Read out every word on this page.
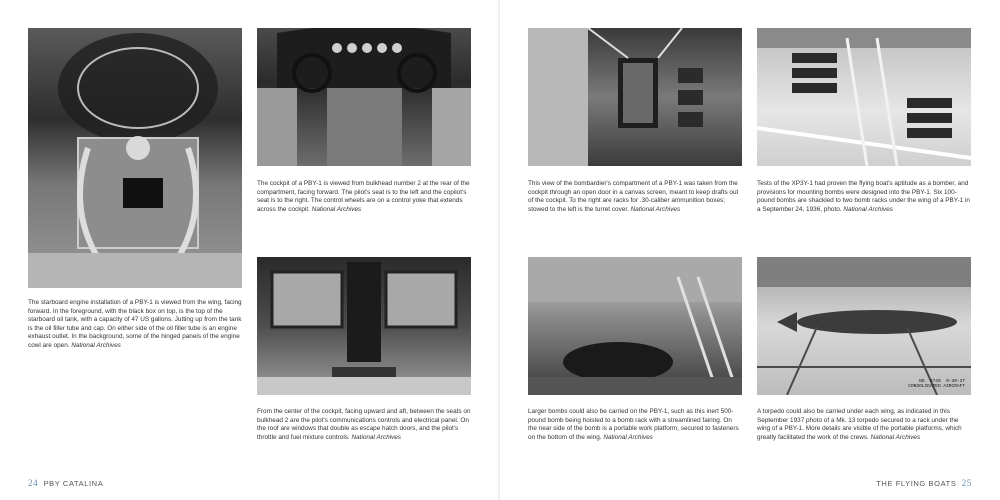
The starboard engine installation of a PBY-1 is viewed from the wing, facing forward. In the foreground, with the black box on top, is the top of the starboard oil tank, with a capacity of 47 US gallons. Jutting up from the tank is the oil filler tube and cap. On either side of the oil filler tube is an engine exhaust outlet. In the background, some of the hinged panels of the engine cowl are open. National Archives

The cockpit of a PBY-1 is viewed from bulkhead number 2 at the rear of the compartment, facing forward. The pilot's seat is to the left and the copilot's seat is to the right. The control wheels are on a control yoke that extends across the cockpit. National Archives

From the center of the cockpit, facing upward and aft, between the seats on bulkhead 2 are the pilot's communications controls and electrical panel. On the roof are windows that double as escape hatch doors, and the pilot's throttle and fuel mixture controls. National Archives

24 PBY CATALINA

This view of the bombardier's compartment of a PBY-1 was taken from the cockpit through an open door in a canvas screen, meant to keep drafts out of the cockpit. To the right are racks for .30-caliber ammunition boxes; stowed to the left is the turret cover. National Archives

Tests of the XP3Y-1 had proven the flying boat's aptitude as a bomber, and provisions for mounting bombs were designed into the PBY-1. Six 100-pound bombs are shackled to two bomb racks under the wing of a PBY-1 in a September 24, 1936, photo. National Archives

Larger bombs could also be carried on the PBY-1, such as this inert 500-pound bomb being hoisted to a bomb rack with a streamlined fairing. On the near side of the bomb is a portable work platform, secured to fasteners on the bottom of the wing. National Archives

NO. 6749 9-30-37
CONSOLIDATED AIRCRAFT

A torpedo could also be carried under each wing, as indicated in this September 1937 photo of a Mk. 13 torpedo secured to a rack under the wing of a PBY-1. More details are visible of the portable platforms, which greatly facilitated the work of the crews. National Archives

THE FLYING BOATS 25
